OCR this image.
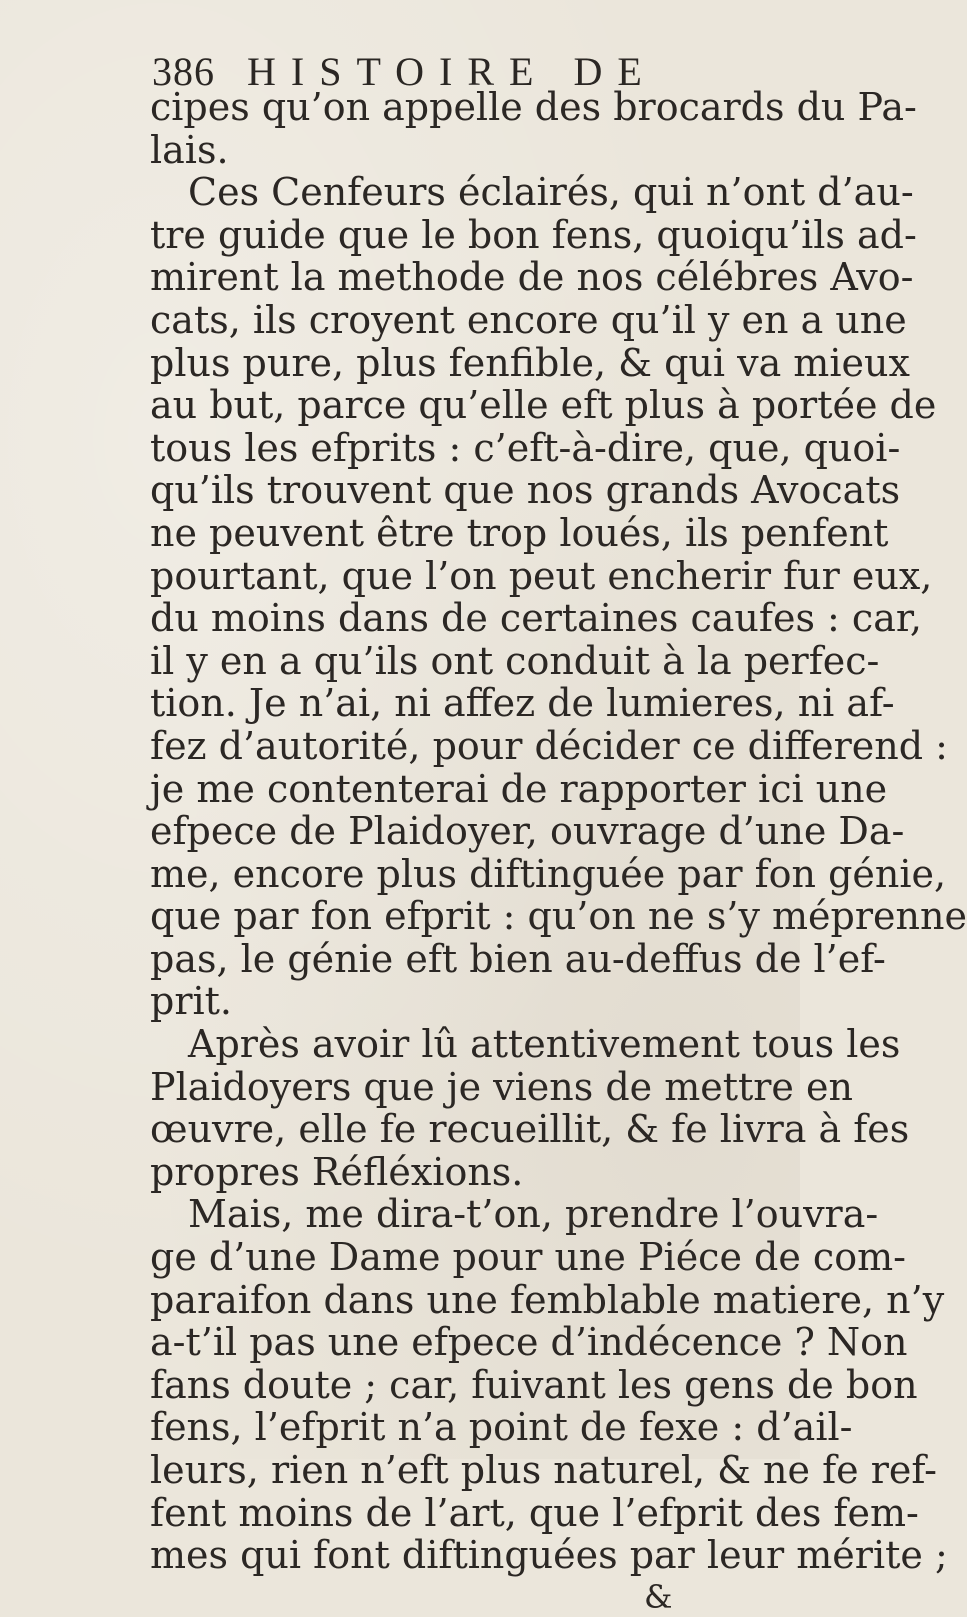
386 HISTOIRE DE
cipes qu’on appelle des brocards du Pa-
lais.
Ces Cenfeurs éclairés, qui n’ont d’au-
tre guide que le bon fens, quoiqu’ils ad-
mirent la methode de nos célébres Avo-
cats, ils croyent encore qu’il y en a une
plus pure, plus fenfible, & qui va mieux
au but, parce qu’elle eft plus à portée de
tous les efprits : c’eft-à-dire, que, quoi-
qu’ils trouvent que nos grands Avocats
ne peuvent être trop loués, ils penfent
pourtant, que l’on peut encherir fur eux,
du moins dans de certaines caufes : car,
il y en a qu’ils ont conduit à la perfec-
tion. Je n’ai, ni affez de lumieres, ni af-
fez d’autorité, pour décider ce differend :
je me contenterai de rapporter ici une
efpece de Plaidoyer, ouvrage d’une Da-
me, encore plus diftinguée par fon génie,
que par fon efprit : qu’on ne s’y méprenne
pas, le génie eft bien au-deffus de l’ef-
prit.
Après avoir lû attentivement tous les
Plaidoyers que je viens de mettre en
œuvre, elle fe recueillit, & fe livra à fes
propres Réfléxions.
Mais, me dira-t’on, prendre l’ouvra-
ge d’une Dame pour une Piéce de com-
paraifon dans une femblable matiere, n’y
a-t’il pas une efpece d’indécence ? Non
fans doute ; car, fuivant les gens de bon
fens, l’efprit n’a point de fexe : d’ail-
leurs, rien n’eft plus naturel, & ne fe ref-
fent moins de l’art, que l’efprit des fem-
mes qui font diftinguées par leur mérite ;
&
